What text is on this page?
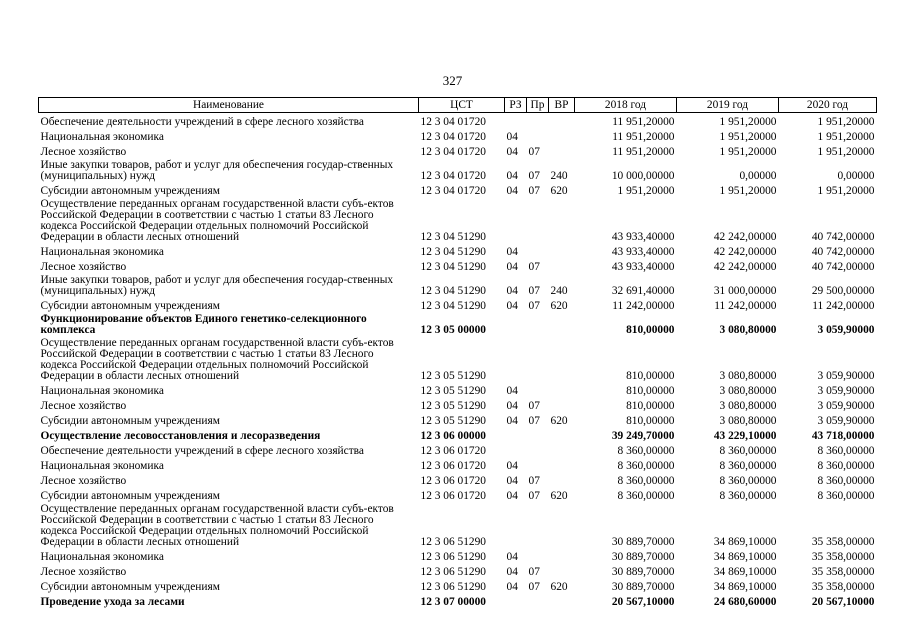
327
Наименование	ЦСТ	РЗ	Пр	ВР	2018 год	2019 год	2020 год
Обеспечение деятельности учреждений в сфере лесного хозяйства	12 3 04 01720				11 951,20000	1 951,20000	1 951,20000
Национальная экономика	12 3 04 01720	04			11 951,20000	1 951,20000	1 951,20000
Лесное хозяйство	12 3 04 01720	04	07		11 951,20000	1 951,20000	1 951,20000
Иные закупки товаров, работ и услуг для обеспечения государ-ственных (муниципальных) нужд	12 3 04 01720	04	07	240	10 000,00000	0,00000	0,00000
Субсидии автономным учреждениям	12 3 04 01720	04	07	620	1 951,20000	1 951,20000	1 951,20000
Осуществление переданных органам государственной власти субъ-ектов Российской Федерации в соответствии с частью 1 статьи 83 Лесного кодекса Российской Федерации отдельных полномочий Российской Федерации в области лесных отношений	12 3 04 51290				43 933,40000	42 242,00000	40 742,00000
Национальная экономика	12 3 04 51290	04			43 933,40000	42 242,00000	40 742,00000
Лесное хозяйство	12 3 04 51290	04	07		43 933,40000	42 242,00000	40 742,00000
Иные закупки товаров, работ и услуг для обеспечения государ-ственных (муниципальных) нужд	12 3 04 51290	04	07	240	32 691,40000	31 000,00000	29 500,00000
Субсидии автономным учреждениям	12 3 04 51290	04	07	620	11 242,00000	11 242,00000	11 242,00000
Функционирование объектов Единого генетико-селекционного комплекса	12 3 05 00000				810,00000	3 080,80000	3 059,90000
Осуществление переданных органам государственной власти субъ-ектов Российской Федерации в соответствии с частью 1 статьи 83 Лесного кодекса Российской Федерации отдельных полномочий Российской Федерации в области лесных отношений	12 3 05 51290				810,00000	3 080,80000	3 059,90000
Национальная экономика	12 3 05 51290	04			810,00000	3 080,80000	3 059,90000
Лесное хозяйство	12 3 05 51290	04	07		810,00000	3 080,80000	3 059,90000
Субсидии автономным учреждениям	12 3 05 51290	04	07	620	810,00000	3 080,80000	3 059,90000
Осуществление лесовосстановления и лесоразведения	12 3 06 00000				39 249,70000	43 229,10000	43 718,00000
Обеспечение деятельности учреждений в сфере лесного хозяйства	12 3 06 01720				8 360,00000	8 360,00000	8 360,00000
Национальная экономика	12 3 06 01720	04			8 360,00000	8 360,00000	8 360,00000
Лесное хозяйство	12 3 06 01720	04	07		8 360,00000	8 360,00000	8 360,00000
Субсидии автономным учреждениям	12 3 06 01720	04	07	620	8 360,00000	8 360,00000	8 360,00000
Осуществление переданных органам государственной власти субъ-ектов Российской Федерации в соответствии с частью 1 статьи 83 Лесного кодекса Российской Федерации отдельных полномочий Российской Федерации в области лесных отношений	12 3 06 51290				30 889,70000	34 869,10000	35 358,00000
Национальная экономика	12 3 06 51290	04			30 889,70000	34 869,10000	35 358,00000
Лесное хозяйство	12 3 06 51290	04	07		30 889,70000	34 869,10000	35 358,00000
Субсидии автономным учреждениям	12 3 06 51290	04	07	620	30 889,70000	34 869,10000	35 358,00000
Проведение ухода за лесами	12 3 07 00000				20 567,10000	24 680,60000	20 567,10000
